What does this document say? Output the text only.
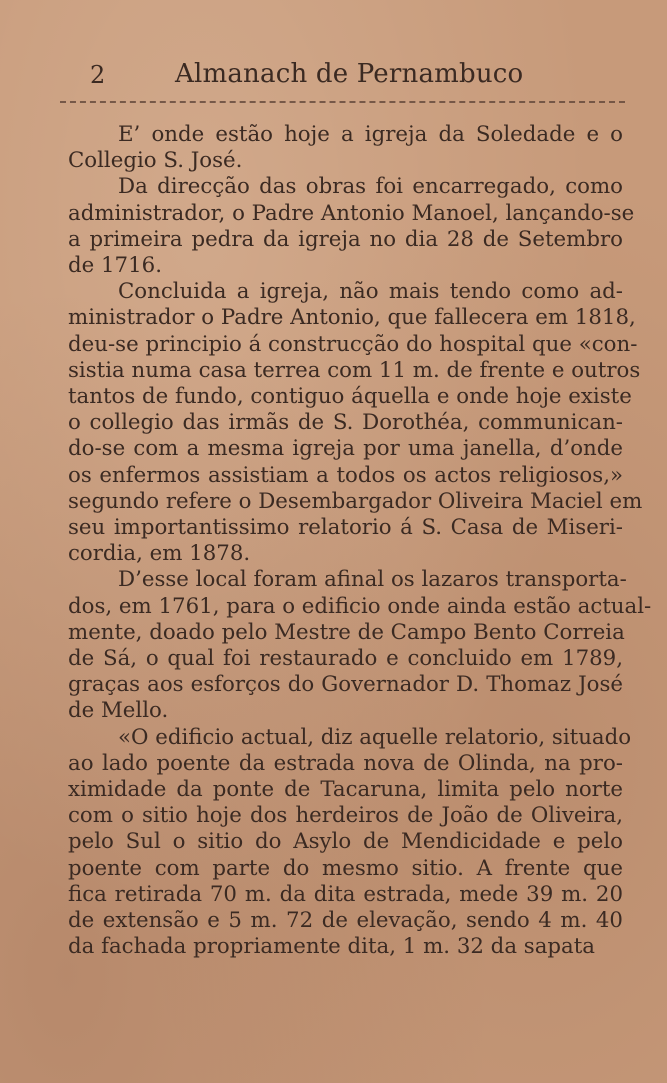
2	Almanach de Pernambuco
E’ onde estão hoje a igreja da Soledade e o
Collegio S. José.
Da direcção das obras foi encarregado, como
administrador, o Padre Antonio Manoel, lançando-se
a primeira pedra da igreja no dia 28 de Setembro
de 1716.
Concluida a igreja, não mais tendo como ad-
ministrador o Padre Antonio, que fallecera em 1818,
deu-se principio á construcção do hospital que «con-
sistia numa casa terrea com 11 m. de frente e outros
tantos de fundo, contiguo áquella e onde hoje existe
o collegio das irmãs de S. Dorothéa, communican-
do-se com a mesma igreja por uma janella, d’onde
os enfermos assistiam a todos os actos religiosos,»
segundo refere o Desembargador Oliveira Maciel em
seu importantissimo relatorio á S. Casa de Miseri-
cordia, em 1878.
D’esse local foram afinal os lazaros transporta-
dos, em 1761, para o edificio onde ainda estão actual-
mente, doado pelo Mestre de Campo Bento Correia
de Sá, o qual foi restaurado e concluido em 1789,
graças aos esforços do Governador D. Thomaz José
de Mello.
«O edificio actual, diz aquelle relatorio, situado
ao lado poente da estrada nova de Olinda, na pro-
ximidade da ponte de Tacaruna, limita pelo norte
com o sitio hoje dos herdeiros de João de Oliveira,
pelo Sul o sitio do Asylo de Mendicidade e pelo
poente com parte do mesmo sitio. A frente que
fica retirada 70 m. da dita estrada, mede 39 m. 20
de extensão e 5 m. 72 de elevação, sendo 4 m. 40
da fachada propriamente dita, 1 m. 32 da sapata
